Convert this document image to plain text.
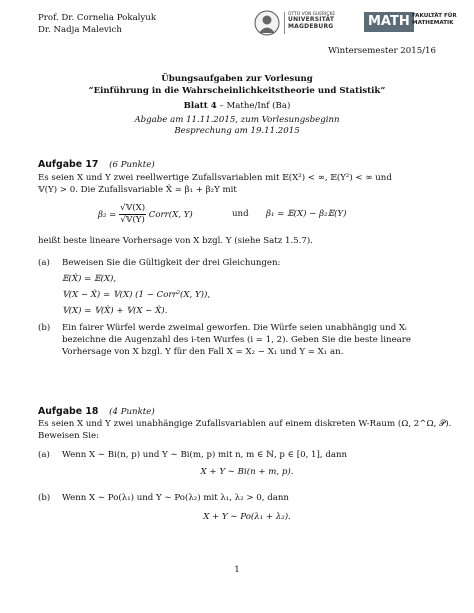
Prof. Dr. Cornelia Pokalyuk
Dr. Nadja Malevich
OTTO VON GUERICKE
UNIVERSITÄT
MAGDEBURG	MATH FAKULTÄT FÜR
MATHEMATIK
Wintersemester 2015/16
Übungsaufgaben zur Vorlesung
“Einführung in die Wahrscheinlichkeitstheorie und Statistik”
Blatt 4 – Mathe/Inf (Ba)
Abgabe am 11.11.2015, zum Vorlesungsbeginn
Besprechung am 19.11.2015
Aufgabe 17 (6 Punkte)
Es seien X und Y zwei reellwertige Zufallsvariablen mit 𝔼(X²) < ∞, 𝔼(Y²) < ∞ und
𝕍(Y) > 0. Die Zufallsvariable X̂ = β₁ + β₂Y mit
$\beta_2 = \frac{\text{√𝕍(X)}}{\text{√𝕍(Y)}}$ Corr(X, Y)	und β₁ = 𝔼(X) − β₂𝔼(Y)
heißt beste lineare Vorhersage von X bzgl. Y (siehe Satz 1.5.7).
(a) Beweisen Sie die Gültigkeit der drei Gleichungen:
𝔼(X̂) = 𝔼(X),
𝕍(X − X̂) = 𝕍(X) (1 − Corr²(X, Y)),
𝕍(X) = 𝕍(X̂) + 𝕍(X − X̂).
(b) Ein fairer Würfel werde zweimal geworfen. Die Würfe seien unabhängig und Xᵢ
bezeichne die Augenzahl des i-ten Wurfes (i = 1, 2). Geben Sie die beste lineare
Vorhersage von X bzgl. Y für den Fall X = X₂ − X₁ und Y = X₁ an.
Aufgabe 18 (4 Punkte)
Es seien X und Y zwei unabhängige Zufallsvariablen auf einem diskreten W-Raum (Ω, 2^Ω, 𝒫).
Beweisen Sie:
(a) Wenn X ∼ Bi(n, p) und Y ∼ Bi(m, p) mit n, m ∈ ℕ, p ∈ [0, 1], dann
X + Y ∼ Bi(n + m, p).
(b) Wenn X ∼ Po(λ₁) und Y ∼ Po(λ₂) mit λ₁, λ₂ > 0, dann
X + Y ∼ Po(λ₁ + λ₂).
1
